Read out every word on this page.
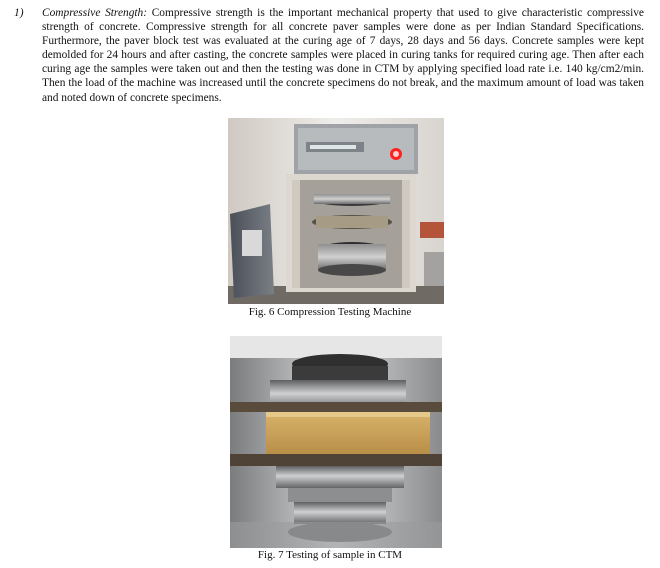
1)	Compressive Strength: Compressive strength is the important mechanical property that used to give characteristic compressive strength of concrete. Compressive strength for all concrete paver samples were done as per Indian Standard Specifications. Furthermore, the paver block test was evaluated at the curing age of 7 days, 28 days and 56 days. Concrete samples were kept demolded for 24 hours and after casting, the concrete samples were placed in curing tanks for required curing age. Then after each curing age the samples were taken out and then the testing was done in CTM by applying specified load rate i.e. 140 kg/cm2/min. Then the load of the machine was increased until the concrete specimens do not break, and the maximum amount of load was taken and noted down of concrete specimens.
Fig. 6 Compression Testing Machine
Fig. 7 Testing of sample in CTM
